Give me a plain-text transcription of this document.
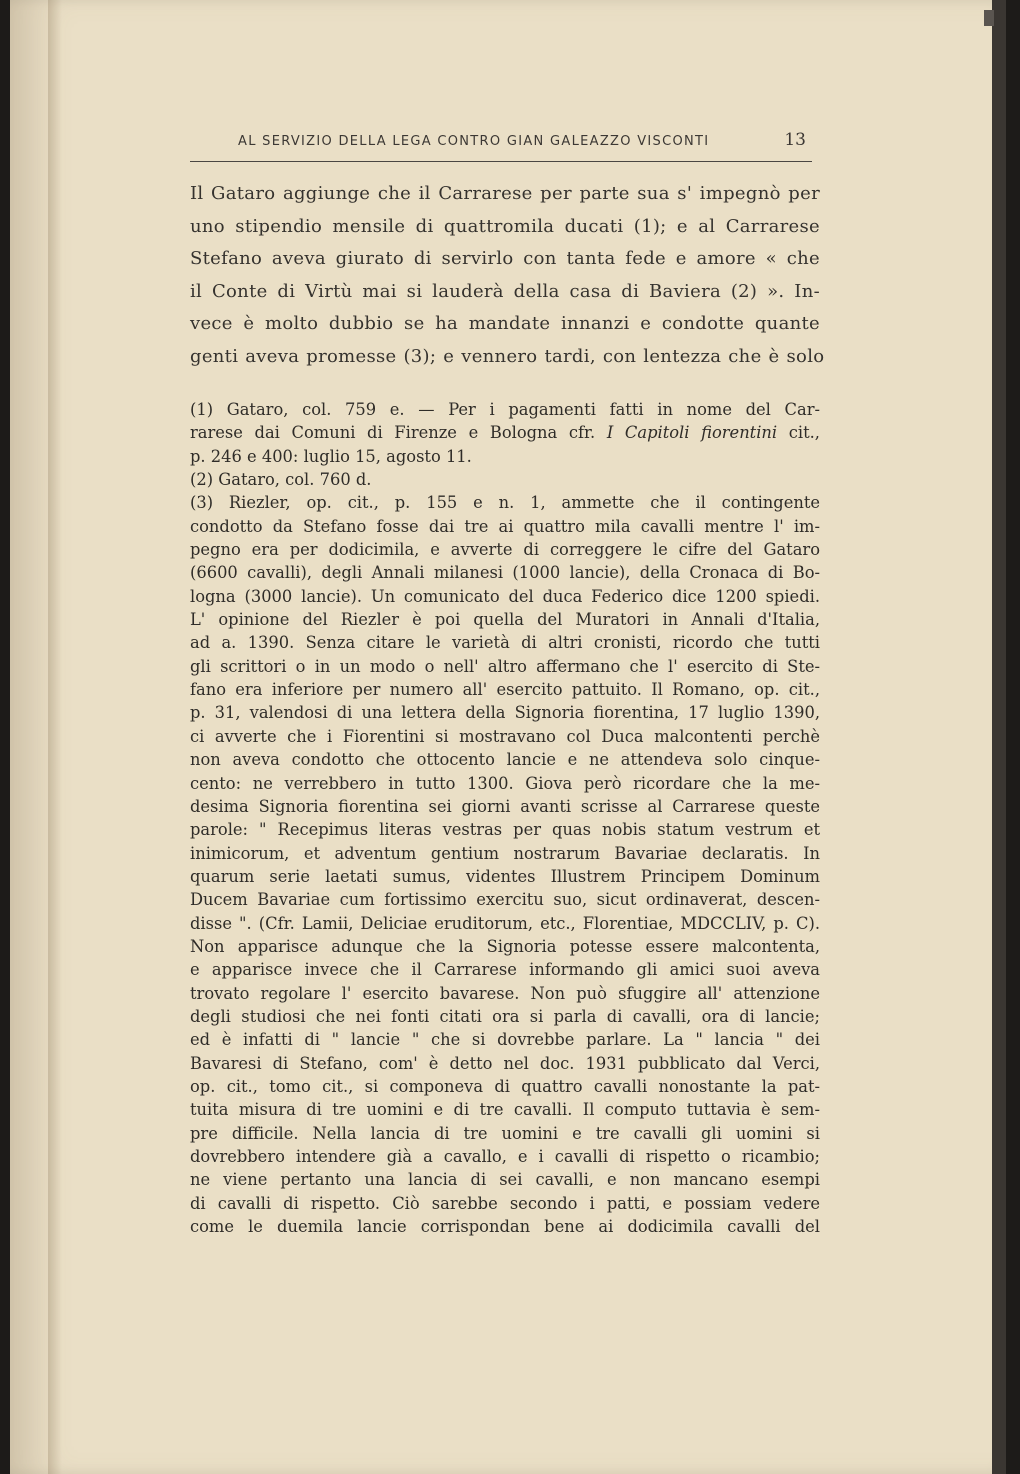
AL SERVIZIO DELLA LEGA CONTRO GIAN GALEAZZO VISCONTI	13
Il Gataro aggiunge che il Carrarese per parte sua s' impegnò per
uno stipendio mensile di quattromila ducati (1); e al Carrarese
Stefano aveva giurato di servirlo con tanta fede e amore « che
il Conte di Virtù mai si lauderà della casa di Baviera (2) ». In-
vece è molto dubbio se ha mandate innanzi e condotte quante
genti aveva promesse (3); e vennero tardi, con lentezza che è solo
(1) Gataro, col. 759 e. — Per i pagamenti fatti in nome del Car-
rarese dai Comuni di Firenze e Bologna cfr. I Capitoli fiorentini cit.,
p. 246 e 400: luglio 15, agosto 11.
(2) Gataro, col. 760 d.
(3) Riezler, op. cit., p. 155 e n. 1, ammette che il contingente
condotto da Stefano fosse dai tre ai quattro mila cavalli mentre l' im-
pegno era per dodicimila, e avverte di correggere le cifre del Gataro
(6600 cavalli), degli Annali milanesi (1000 lancie), della Cronaca di Bo-
logna (3000 lancie). Un comunicato del duca Federico dice 1200 spiedi.
L' opinione del Riezler è poi quella del Muratori in Annali d'Italia,
ad a. 1390. Senza citare le varietà di altri cronisti, ricordo che tutti
gli scrittori o in un modo o nell' altro affermano che l' esercito di Ste-
fano era inferiore per numero all' esercito pattuito. Il Romano, op. cit.,
p. 31, valendosi di una lettera della Signoria fiorentina, 17 luglio 1390,
ci avverte che i Fiorentini si mostravano col Duca malcontenti perchè
non aveva condotto che ottocento lancie e ne attendeva solo cinque-
cento: ne verrebbero in tutto 1300. Giova però ricordare che la me-
desima Signoria fiorentina sei giorni avanti scrisse al Carrarese queste
parole: " Recepimus literas vestras per quas nobis statum vestrum et
inimicorum, et adventum gentium nostrarum Bavariae declaratis. In
quarum serie laetati sumus, videntes Illustrem Principem Dominum
Ducem Bavariae cum fortissimo exercitu suo, sicut ordinaverat, descen-
disse ". (Cfr. Lamii, Deliciae eruditorum, etc., Florentiae, MDCCLIV, p. C).
Non apparisce adunque che la Signoria potesse essere malcontenta,
e apparisce invece che il Carrarese informando gli amici suoi aveva
trovato regolare l' esercito bavarese. Non può sfuggire all' attenzione
degli studiosi che nei fonti citati ora si parla di cavalli, ora di lancie;
ed è infatti di " lancie " che si dovrebbe parlare. La " lancia " dei
Bavaresi di Stefano, com' è detto nel doc. 1931 pubblicato dal Verci,
op. cit., tomo cit., si componeva di quattro cavalli nonostante la pat-
tuita misura di tre uomini e di tre cavalli. Il computo tuttavia è sem-
pre difficile. Nella lancia di tre uomini e tre cavalli gli uomini si
dovrebbero intendere già a cavallo, e i cavalli di rispetto o ricambio;
ne viene pertanto una lancia di sei cavalli, e non mancano esempi
di cavalli di rispetto. Ciò sarebbe secondo i patti, e possiam vedere
come le duemila lancie corrispondan bene ai dodicimila cavalli del
